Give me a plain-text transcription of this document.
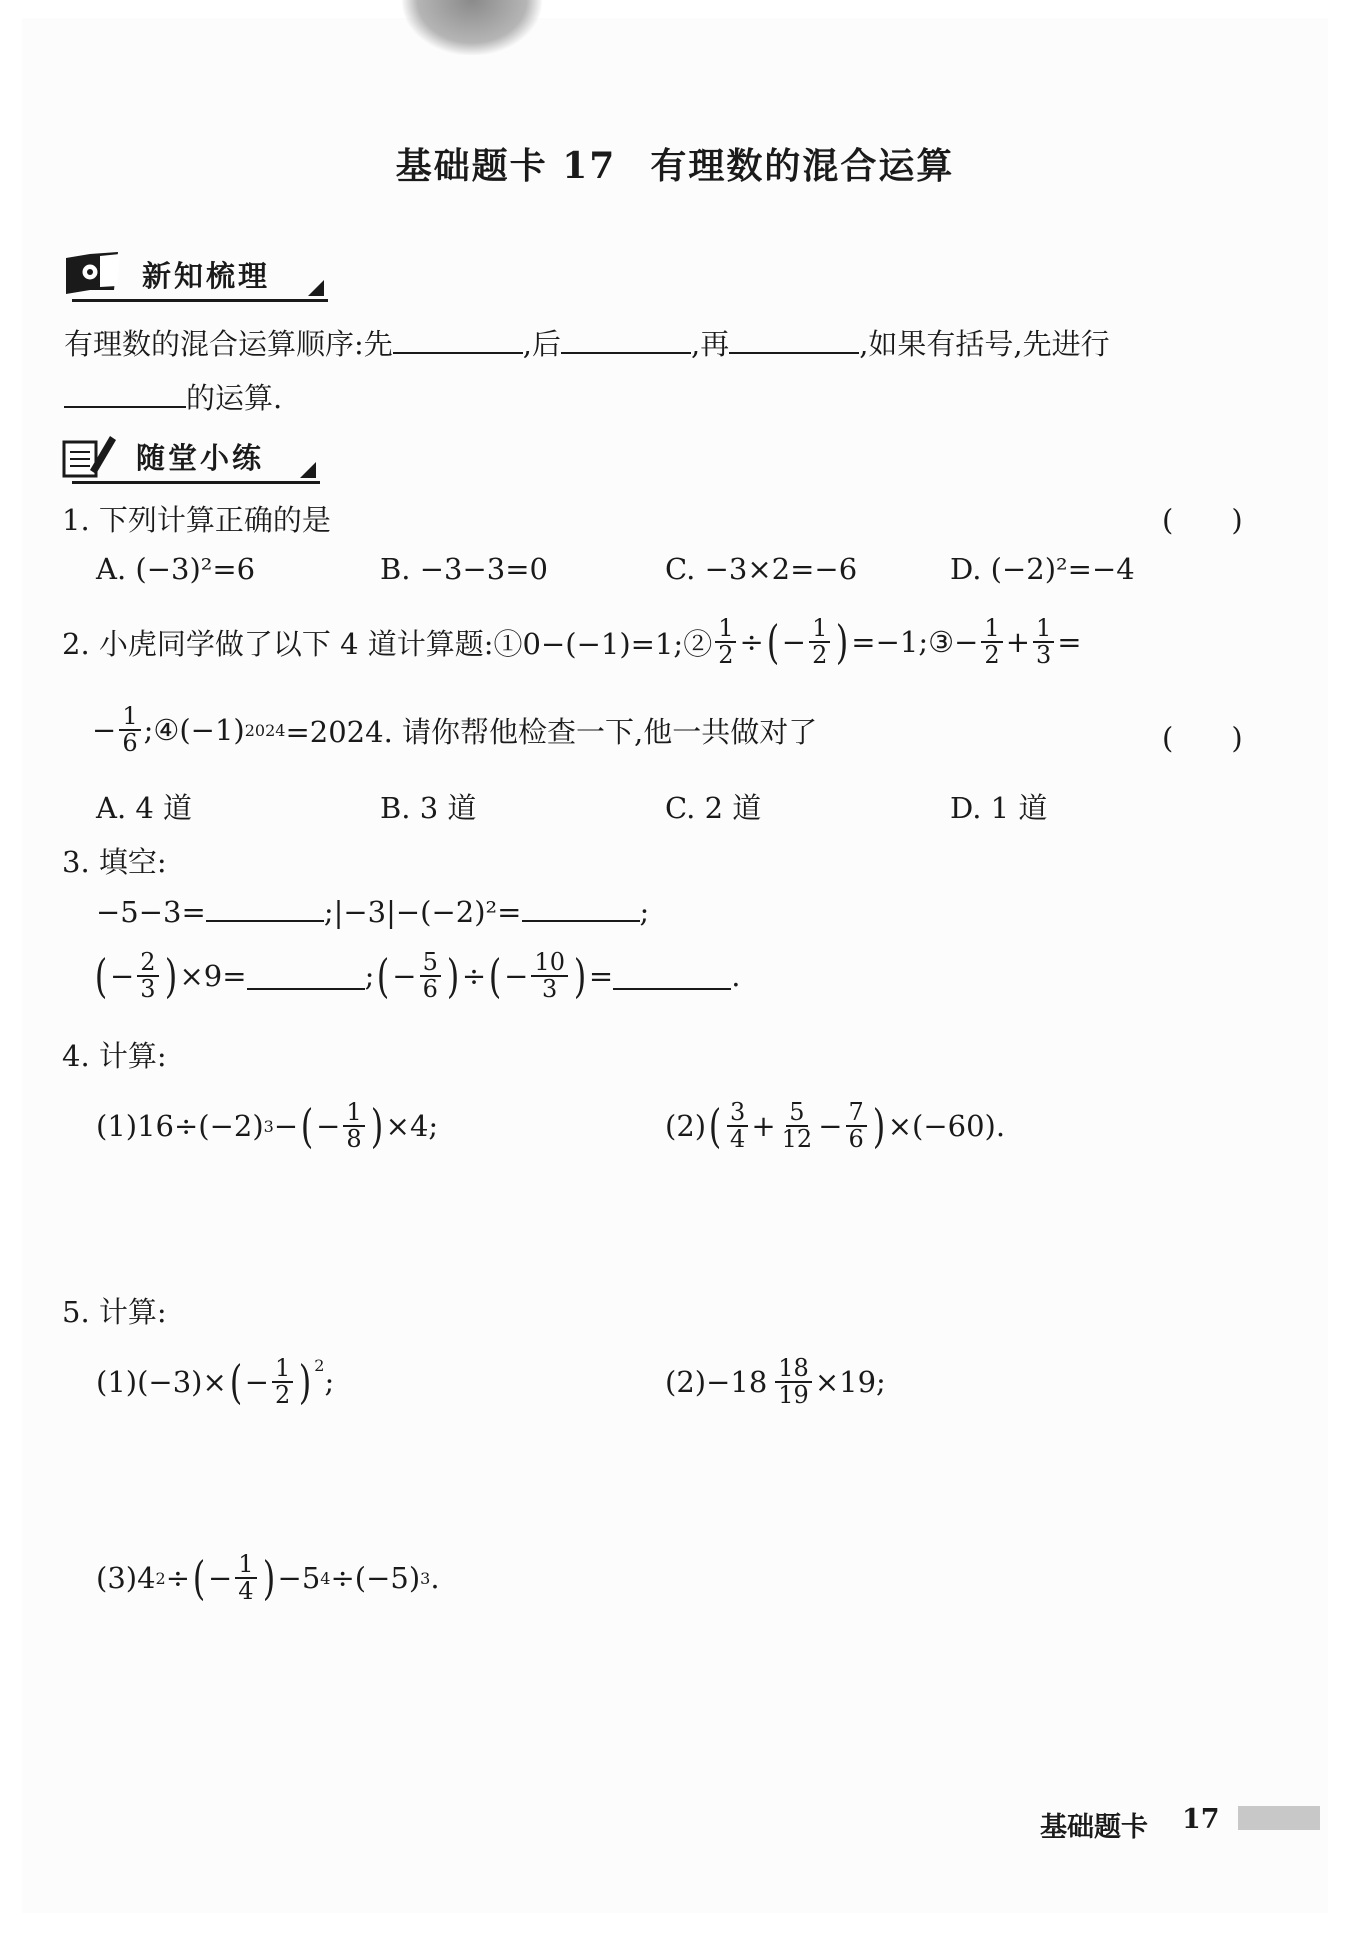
基础题卡 17 有理数的混合运算
新知梳理
有理数的混合运算顺序:先	,后	,再	,如果有括号,先进行
的运算.
随堂小练
1. 下列计算正确的是	(　　)
A. (−3)²=6	B. −3−3=0	C. −3×2=−6	D. (−2)²=−4
2. 小虎同学做了以下 4 道计算题:①0−(−1)=1;② $\frac{1}{2}$ ÷ ( − $\frac{1}{2}$ ) =−1;③− $\frac{1}{2} + \frac{1}{3}$ =
− $\frac{1}{6}$ ;④(−1) 2024 =2024. 请你帮他检查一下,他一共做对了	(　　)
A. 4 道	B. 3 道	C. 2 道	D. 1 道
3. 填空:
−5−3=	;|−3|−(−2)²=	;
( − $\frac{2}{3}$ ) ×9=	; ( − $\frac{5}{6}$ ) ÷ ( − $\frac{10}{3}$ ) =	.
4. 计算:
(1)16÷(−2) 3 − ( − $\frac{1}{8}$ ) ×4;	(2) ( $\frac{3}{4} + \frac{5}{12} - \frac{7}{6}$ ) ×(−60).
5. 计算:
(1)(−3)× ( − $\frac{1}{2} )^2$ ;	$(2)-18 \frac{18}{19} \times 19$;
(3)4 2 ÷ ( − $\frac{1}{4}$ ) −5 4 ÷(−5) 3 .
基础题卡 17
